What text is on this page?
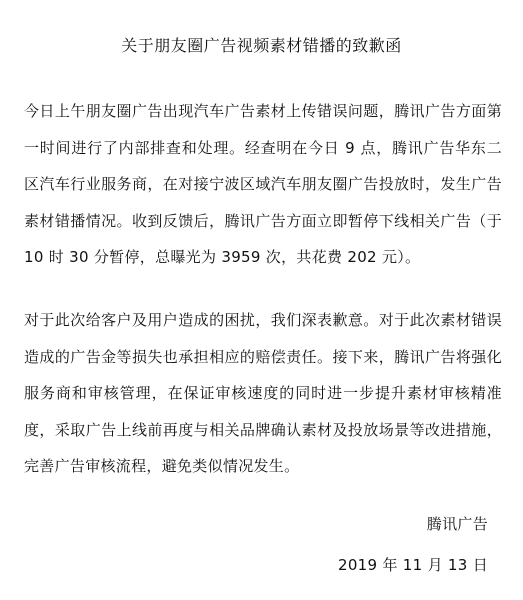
关于朋友圈广告视频素材错播的致歉函

今日上午朋友圈广告出现汽车广告素材上传错误问题，腾讯广告方面第一时间进行了内部排查和处理。经查明在今日 9 点，腾讯广告华东二区汽车行业服务商，在对接宁波区域汽车朋友圈广告投放时，发生广告素材错播情况。收到反馈后，腾讯广告方面立即暂停下线相关广告（于 10 时 30 分暂停，总曝光为 3959 次，共花费 202 元）。

对于此次给客户及用户造成的困扰，我们深表歉意。对于此次素材错误造成的广告金等损失也承担相应的赔偿责任。接下来，腾讯广告将强化服务商和审核管理，在保证审核速度的同时进一步提升素材审核精准度，采取广告上线前再度与相关品牌确认素材及投放场景等改进措施，完善广告审核流程，避免类似情况发生。

腾讯广告
2019 年 11 月 13 日
